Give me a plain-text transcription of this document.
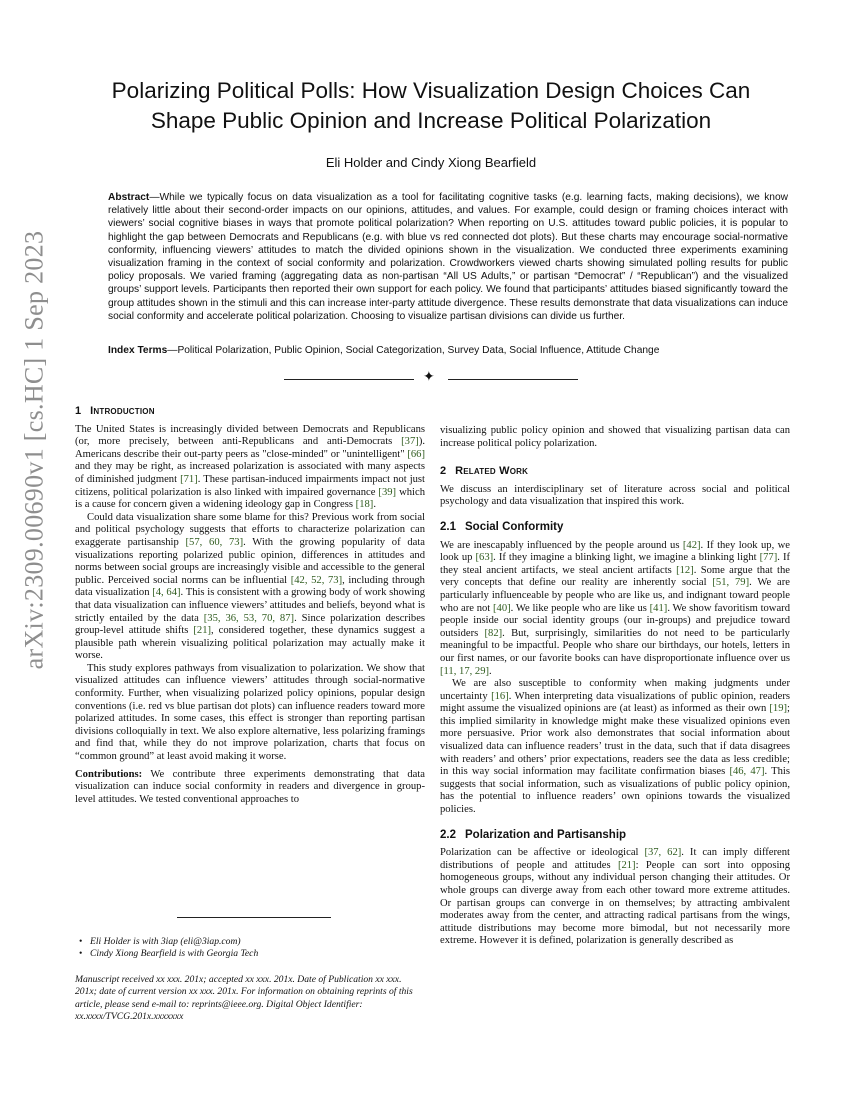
arXiv:2309.00690v1 [cs.HC] 1 Sep 2023
Polarizing Political Polls: How Visualization Design Choices Can
Shape Public Opinion and Increase Political Polarization
Eli Holder and Cindy Xiong Bearfield
Abstract—While we typically focus on data visualization as a tool for facilitating cognitive tasks (e.g. learning facts, making decisions), we know relatively little about their second-order impacts on our opinions, attitudes, and values. For example, could design or framing choices interact with viewers’ social cognitive biases in ways that promote political polarization? When reporting on U.S. attitudes toward public policies, it is popular to highlight the gap between Democrats and Republicans (e.g. with blue vs red connected dot plots). But these charts may encourage social-normative conformity, influencing viewers’ attitudes to match the divided opinions shown in the visualization. We conducted three experiments examining visualization framing in the context of social conformity and polarization. Crowdworkers viewed charts showing simulated polling results for public policy proposals. We varied framing (aggregating data as non-partisan “All US Adults,” or partisan “Democrat” / “Republican”) and the visualized groups’ support levels. Participants then reported their own support for each policy. We found that participants’ attitudes biased significantly toward the group attitudes shown in the stimuli and this can increase inter-party attitude divergence. These results demonstrate that data visualizations can induce social conformity and accelerate political polarization. Choosing to visualize partisan divisions can divide us further.
Index Terms—Political Polarization, Public Opinion, Social Categorization, Survey Data, Social Influence, Attitude Change
✦
1 Introduction

The United States is increasingly divided between Democrats and Republicans (or, more precisely, between anti-Republicans and anti-Democrats [37]). Americans describe their out-party peers as "close-minded" or "unintelligent" [66] and they may be right, as increased polarization is associated with many aspects of diminished judgment [71]. These partisan-induced impairments impact not just citizens, political polarization is also linked with impaired governance [39] which is a cause for concern given a widening ideology gap in Congress [18].

Could data visualization share some blame for this? Previous work from social and political psychology suggests that efforts to characterize polarization can exaggerate partisanship [57, 60, 73]. With the growing popularity of data visualizations reporting polarized public opinion, differences in attitudes and norms between social groups are increasingly visible and accessible to the general public. Perceived social norms can be influential [42, 52, 73], including through data visualization [4, 64]. This is consistent with a growing body of work showing that data visualization can influence viewers’ attitudes and beliefs, beyond what is strictly entailed by the data [35, 36, 53, 70, 87]. Since polarization describes group-level attitude shifts [21], considered together, these dynamics suggest a plausible path wherein visualizing political polarization may actually make it worse.

This study explores pathways from visualization to polarization. We show that visualized attitudes can influence viewers’ attitudes through social-normative conformity. Further, when visualizing polarized policy opinions, popular design conventions (i.e. red vs blue partisan dot plots) can influence readers toward more polarized attitudes. In some cases, this effect is stronger than reporting partisan divisions colloquially in text. We also explore alternative, less polarizing framings and find that, while they do not improve polarization, charts that focus on “common ground” at least avoid making it worse.

Contributions: We contribute three experiments demonstrating that data visualization can induce social conformity in readers and divergence in group-level attitudes. We tested conventional approaches to

• Eli Holder is with 3iap (eli@3iap.com)
• Cindy Xiong Bearfield is with Georgia Tech
Manuscript received xx xxx. 201x; accepted xx xxx. 201x. Date of Publication xx xxx. 201x; date of current version xx xxx. 201x. For information on obtaining reprints of this article, please send e-mail to: reprints@ieee.org. Digital Object Identifier: xx.xxxx/TVCG.201x.xxxxxxx

visualizing public policy opinion and showed that visualizing partisan data can increase political policy polarization.

2 Related Work

We discuss an interdisciplinary set of literature across social and political psychology and data visualization that inspired this work.

2.1 Social Conformity

We are inescapably influenced by the people around us [42]. If they look up, we look up [63]. If they imagine a blinking light, we imagine a blinking light [77]. If they steal ancient artifacts, we steal ancient artifacts [12]. Some argue that the very concepts that define our reality are inherently social [51, 79]. We are particularly influenceable by people who are like us, and indignant toward people who are not [40]. We like people who are like us [41]. We show favoritism toward people inside our social identity groups (our in-groups) and prejudice toward outsiders [82]. But, surprisingly, similarities do not need to be particularly meaningful to be impactful. People who share our birthdays, our hotels, letters in our first names, or our favorite books can have disproportionate influence over us [11, 17, 29].

We are also susceptible to conformity when making judgments under uncertainty [16]. When interpreting data visualizations of public opinion, readers might assume the visualized opinions are (at least) as informed as their own [19]; this implied similarity in knowledge might make these visualized opinions even more persuasive. Prior work also demonstrates that social information about visualized data can influence readers’ trust in the data, such that if data disagrees with readers’ and others’ prior expectations, readers see the data as less credible; in this way social information may facilitate confirmation biases [46, 47]. This suggests that social information, such as visualizations of public policy opinion, has the potential to influence readers’ own opinions towards the visualized policies.

2.2 Polarization and Partisanship

Polarization can be affective or ideological [37, 62]. It can imply different distributions of people and attitudes [21]: People can sort into opposing homogeneous groups, without any individual person changing their attitudes. Or whole groups can diverge away from each other toward more extreme attitudes. Or partisan groups can converge in on themselves; by attracting ambivalent moderates away from the center, and attracting radical partisans from the wings, attitude distributions may become more bimodal, but not necessarily more extreme. However it is defined, polarization is generally described as
